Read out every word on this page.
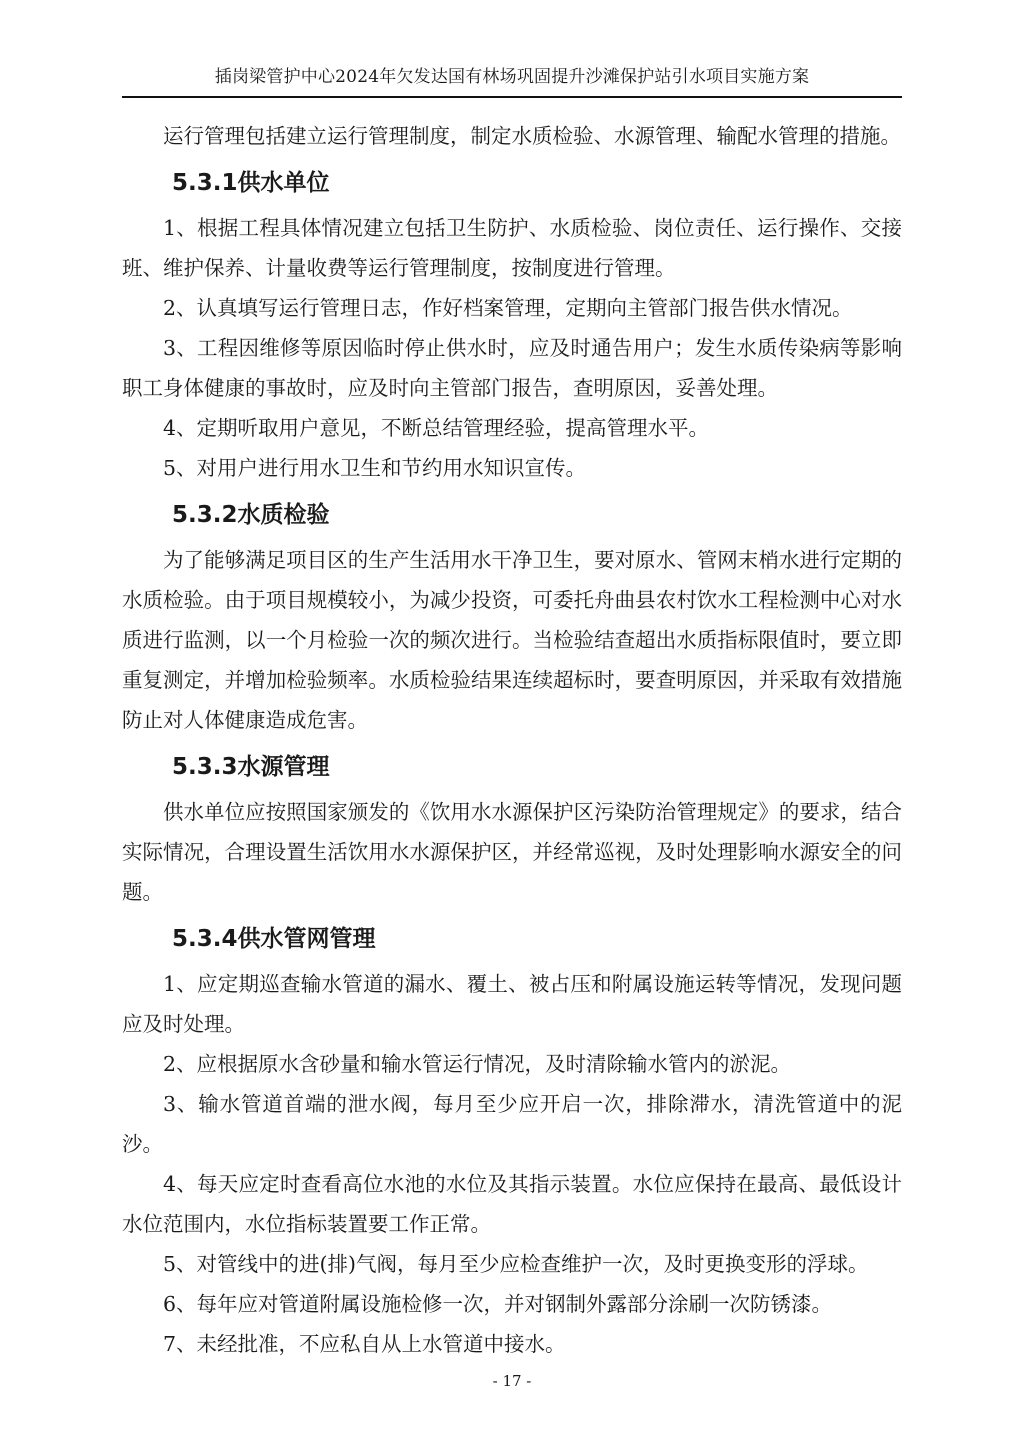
插岗梁管护中心2024年欠发达国有林场巩固提升沙滩保护站引水项目实施方案

运行管理包括建立运行管理制度，制定水质检验、水源管理、输配水管理的措施。

5.3.1供水单位

1、根据工程具体情况建立包括卫生防护、水质检验、岗位责任、运行操作、交接班、维护保养、计量收费等运行管理制度，按制度进行管理。

2、认真填写运行管理日志，作好档案管理，定期向主管部门报告供水情况。

3、工程因维修等原因临时停止供水时，应及时通告用户；发生水质传染病等影响职工身体健康的事故时，应及时向主管部门报告，查明原因，妥善处理。

4、定期听取用户意见，不断总结管理经验，提高管理水平。

5、对用户进行用水卫生和节约用水知识宣传。

5.3.2水质检验

为了能够满足项目区的生产生活用水干净卫生，要对原水、管网末梢水进行定期的水质检验。由于项目规模较小，为减少投资，可委托舟曲县农村饮水工程检测中心对水质进行监测，以一个月检验一次的频次进行。当检验结查超出水质指标限值时，要立即重复测定，并增加检验频率。水质检验结果连续超标时，要查明原因，并采取有效措施防止对人体健康造成危害。

5.3.3水源管理

供水单位应按照国家颁发的《饮用水水源保护区污染防治管理规定》的要求，结合实际情况，合理设置生活饮用水水源保护区，并经常巡视，及时处理影响水源安全的问题。

5.3.4供水管网管理

1、应定期巡查输水管道的漏水、覆土、被占压和附属设施运转等情况，发现问题应及时处理。

2、应根据原水含砂量和输水管运行情况，及时清除输水管内的淤泥。

3、输水管道首端的泄水阀，每月至少应开启一次，排除滞水，清洗管道中的泥沙。

4、每天应定时查看高位水池的水位及其指示装置。水位应保持在最高、最低设计水位范围内，水位指标装置要工作正常。

5、对管线中的进(排)气阀，每月至少应检查维护一次，及时更换变形的浮球。

6、每年应对管道附属设施检修一次，并对钢制外露部分涂刷一次防锈漆。

7、未经批准，不应私自从上水管道中接水。

- 17 -
